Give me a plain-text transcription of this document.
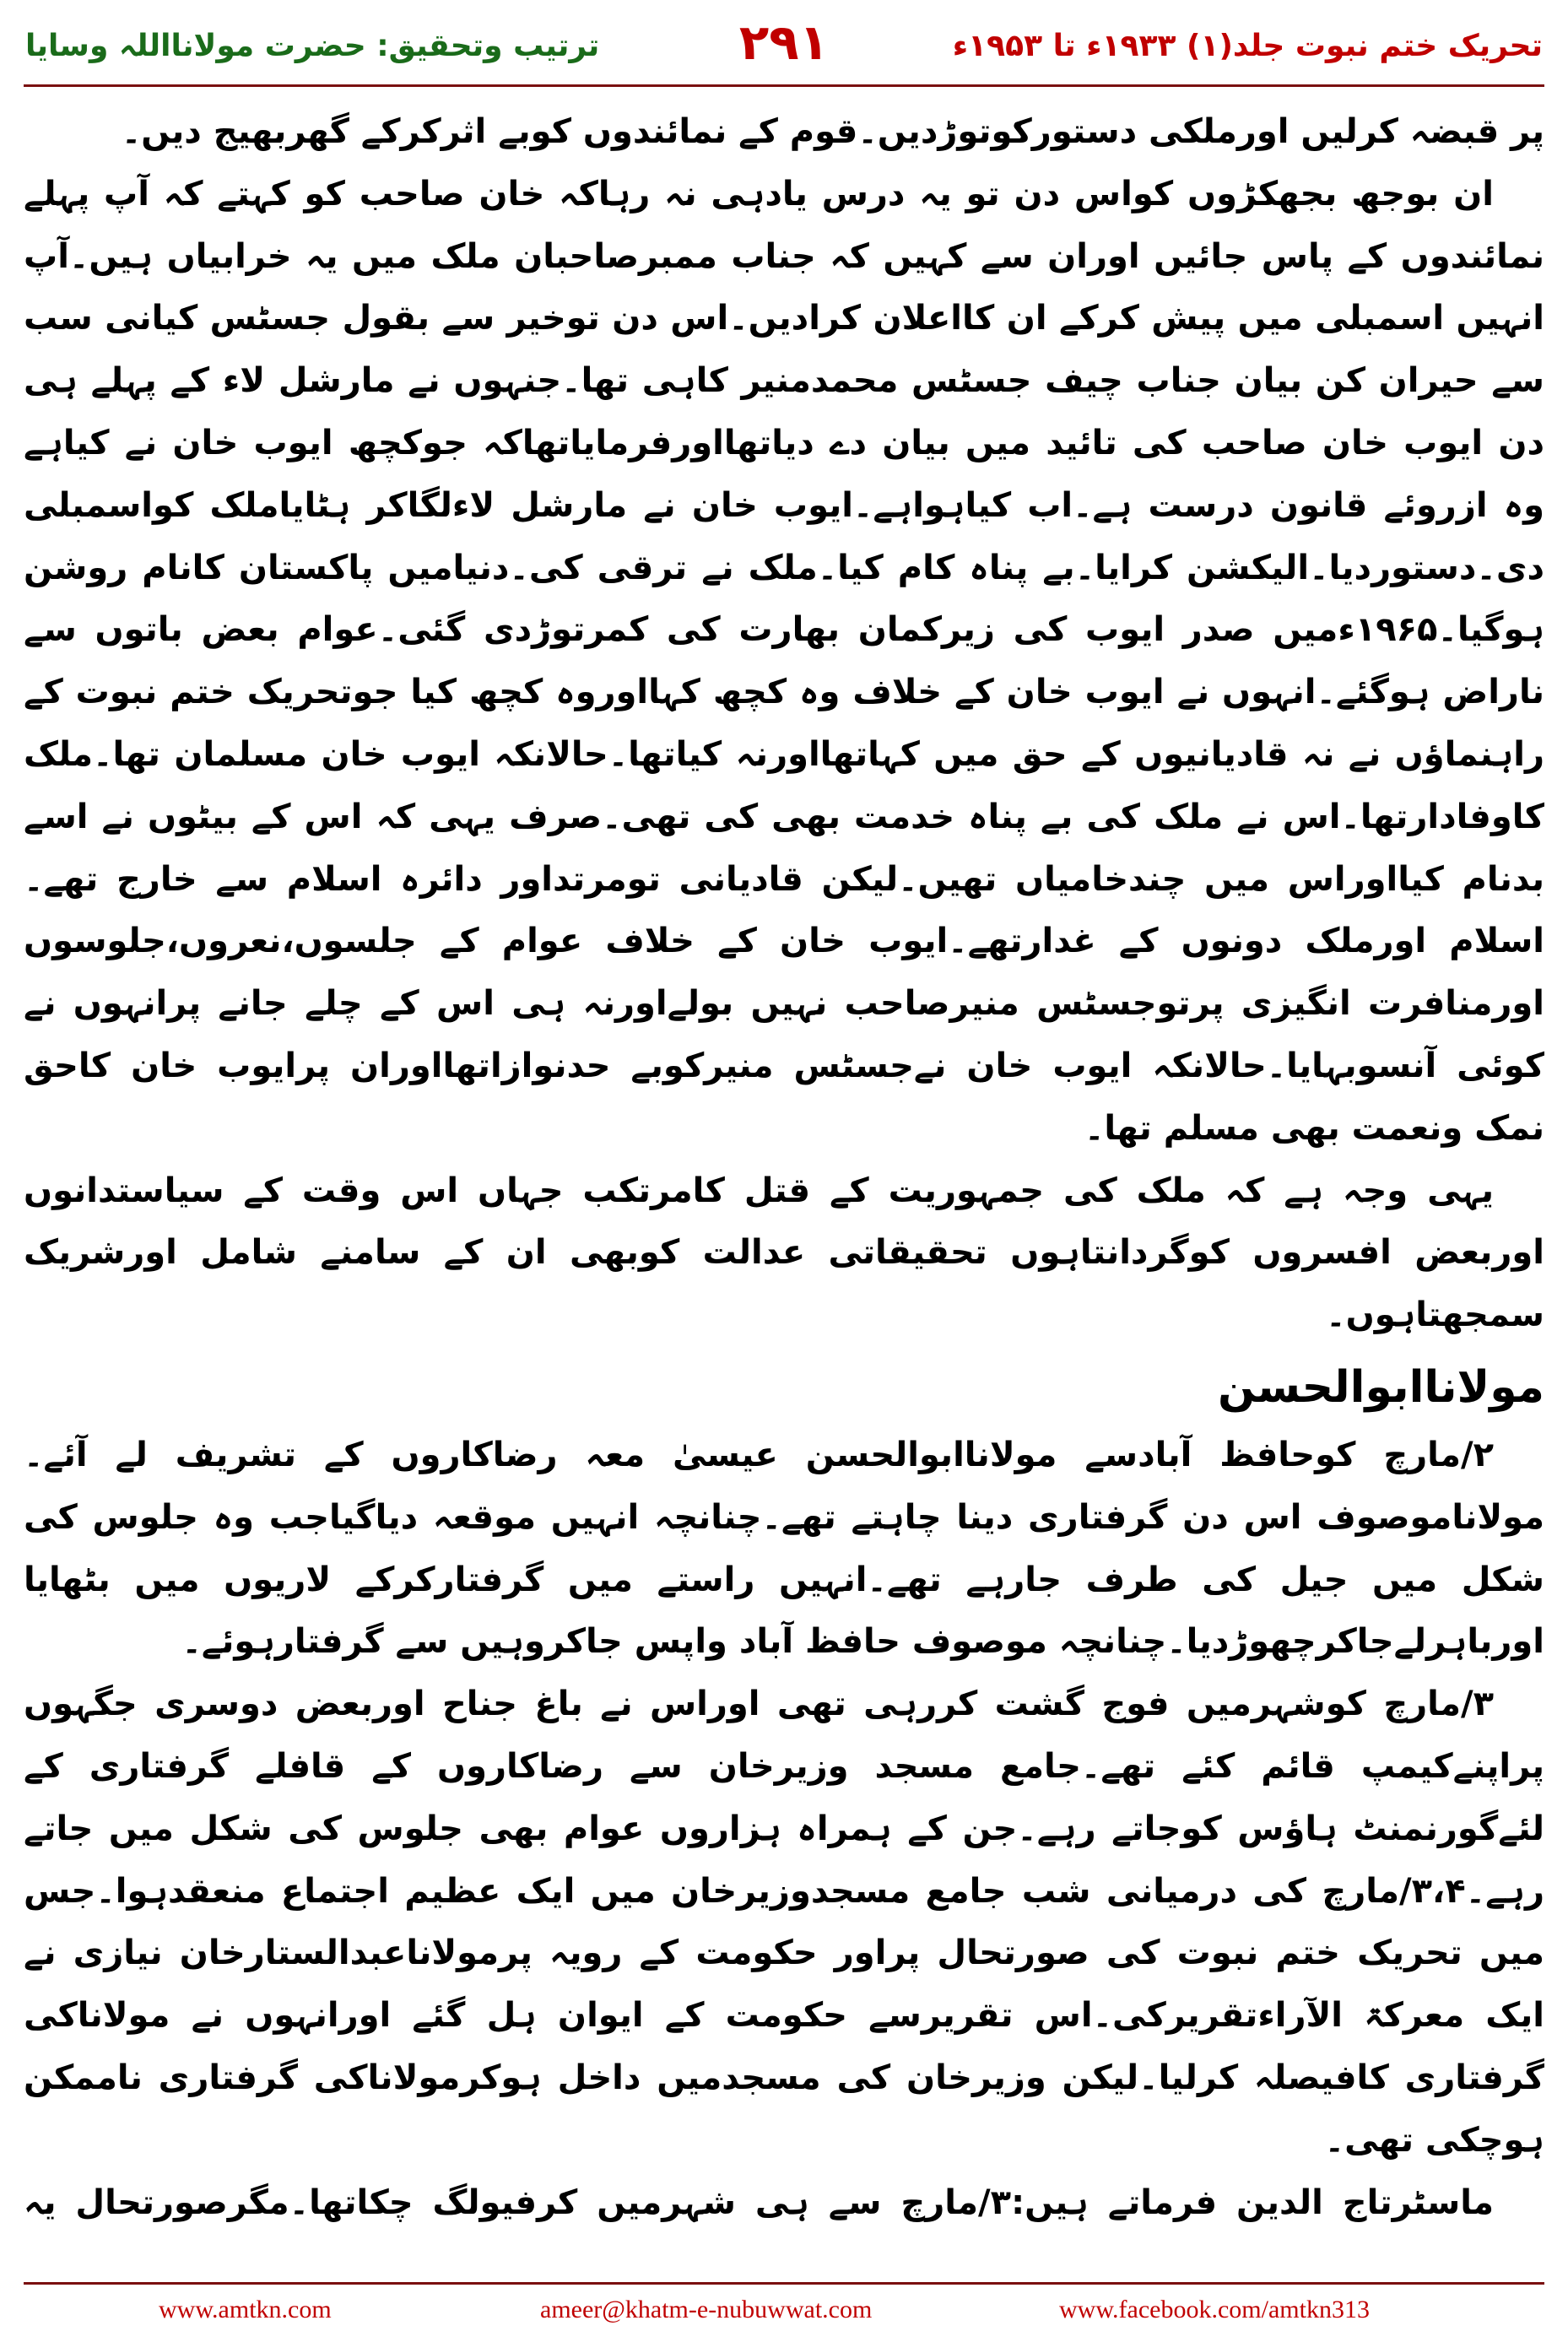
ترتیب وتحقیق: حضرت مولانااللہ وسایا	۲۹۱	تحریک ختم نبوت جلد(۱) ۱۹۳۳ء تا ۱۹۵۳ء

پر قبضہ کرلیں اورملکی دستورکوتوڑدیں۔قوم کے نمائندوں کوبے اثرکرکے گھربھیج دیں۔

ان بوجھ بجھکڑوں کواس دن تو یہ درس یادہی نہ رہاکہ خان صاحب کو کہتے کہ آپ پہلے نمائندوں کے پاس جائیں اوران سے کہیں کہ جناب ممبرصاحبان ملک میں یہ خرابیاں ہیں۔آپ انہیں اسمبلی میں پیش کرکے ان کااعلان کرادیں۔اس دن توخیر سے بقول جسٹس کیانی سب سے حیران کن بیان جناب چیف جسٹس محمدمنیر کاہی تھا۔جنہوں نے مارشل لاء کے پہلے ہی دن ایوب خان صاحب کی تائید میں بیان دے دیاتھااورفرمایاتھاکہ جوکچھ ایوب خان نے کیاہے وہ ازروئے قانون درست ہے۔اب کیاہواہے۔ایوب خان نے مارشل لاءلگاکر ہٹایاملک کواسمبلی دی۔دستوردیا۔الیکشن کرایا۔بے پناہ کام کیا۔ملک نے ترقی کی۔دنیامیں پاکستان کانام روشن ہوگیا۔۱۹۶۵ءمیں صدر ایوب کی زیرکمان بھارت کی کمرتوڑدی گئی۔عوام بعض باتوں سے ناراض ہوگئے۔انہوں نے ایوب خان کے خلاف وہ کچھ کہااوروہ کچھ کیا جوتحریک ختم نبوت کے راہنماؤں نے نہ قادیانیوں کے حق میں کہاتھااورنہ کیاتھا۔حالانکہ ایوب خان مسلمان تھا۔ملک کاوفادارتھا۔اس نے ملک کی بے پناہ خدمت بھی کی تھی۔صرف یہی کہ اس کے بیٹوں نے اسے بدنام کیااوراس میں چندخامیاں تھیں۔لیکن قادیانی تومرتداور دائرہ اسلام سے خارج تھے۔اسلام اورملک دونوں کے غدارتھے۔ایوب خان کے خلاف عوام کے جلسوں،نعروں،جلوسوں اورمنافرت انگیزی پرتوجسٹس منیرصاحب نہیں بولےاورنہ ہی اس کے چلے جانے پرانہوں نے کوئی آنسوبہایا۔حالانکہ ایوب خان نےجسٹس منیرکوبے حدنوازاتھااوران پرایوب خان کاحق نمک ونعمت بھی مسلم تھا۔

یہی وجہ ہے کہ ملک کی جمہوریت کے قتل کامرتکب جہاں اس وقت کے سیاستدانوں اوربعض افسروں کوگردانتاہوں تحقیقاتی عدالت کوبھی ان کے سامنے شامل اورشریک سمجھتاہوں۔

مولاناابوالحسن

۲/مارچ کوحافظ آبادسے مولاناابوالحسن عیسیٰ معہ رضاکاروں کے تشریف لے آئے۔مولاناموصوف اس دن گرفتاری دینا چاہتے تھے۔چنانچہ انہیں موقعہ دیاگیاجب وہ جلوس کی شکل میں جیل کی طرف جارہے تھے۔انہیں راستے میں گرفتارکرکے لاریوں میں بٹھایا اورباہرلےجاکرچھوڑدیا۔چنانچہ موصوف حافظ آباد واپس جاکروہیں سے گرفتارہوئے۔

۳/مارچ کوشہرمیں فوج گشت کررہی تھی اوراس نے باغ جناح اوربعض دوسری جگہوں پراپنےکیمپ قائم کئے تھے۔جامع مسجد وزیرخان سے رضاکاروں کے قافلے گرفتاری کے لئےگورنمنٹ ہاؤس کوجاتے رہے۔جن کے ہمراہ ہزاروں عوام بھی جلوس کی شکل میں جاتے رہے۔۳،۴/مارچ کی درمیانی شب جامع مسجدوزیرخان میں ایک عظیم اجتماع منعقدہوا۔جس میں تحریک ختم نبوت کی صورتحال پراور حکومت کے رویہ پرمولاناعبدالستارخان نیازی نے ایک معرکۃ الآراءتقریرکی۔اس تقریرسے حکومت کے ایوان ہل گئے اورانہوں نے مولاناکی گرفتاری کافیصلہ کرلیا۔لیکن وزیرخان کی مسجدمیں داخل ہوکرمولاناکی گرفتاری ناممکن ہوچکی تھی۔

ماسٹرتاج الدین فرماتے ہیں:۳/مارچ سے ہی شہرمیں کرفیولگ چکاتھا۔مگرصورتحال یہ

www.amtkn.com	ameer@khatm-e-nubuwwat.com	www.facebook.com/amtkn313
